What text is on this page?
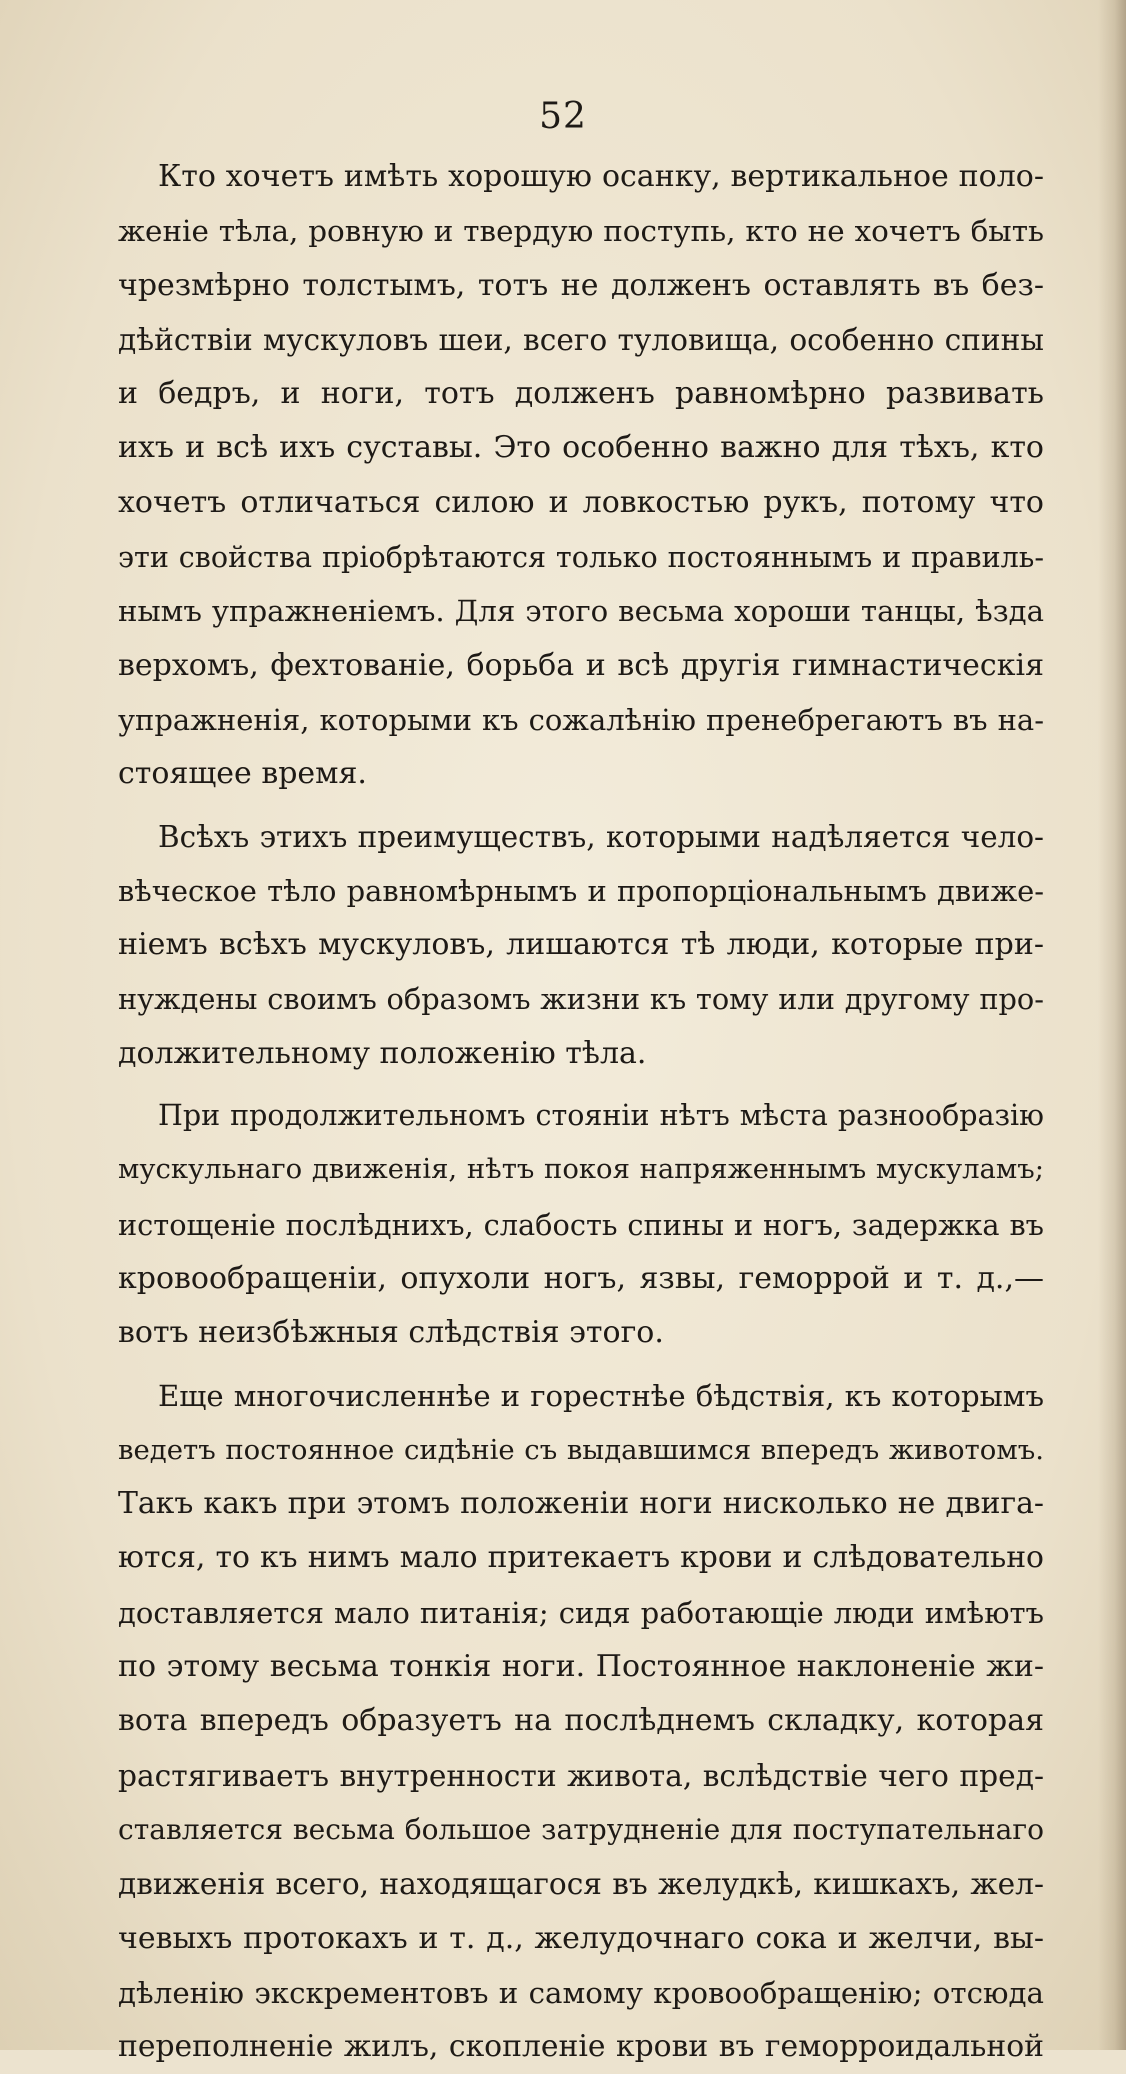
52
Кто хочетъ имѣть хорошую осанку, вертикальное поло-
женіе тѣла, ровную и твердую поступь, кто не хочетъ быть
чрезмѣрно толстымъ, тотъ не долженъ оставлять въ без-
дѣйствіи мускуловъ шеи, всего туловища, особенно спины
и бедръ, и ноги, тотъ долженъ равномѣрно развивать
ихъ и всѣ ихъ суставы. Это особенно важно для тѣхъ, кто
хочетъ отличаться силою и ловкостью рукъ, потому что
эти свойства пріобрѣтаются только постояннымъ и правиль-
нымъ упражненіемъ. Для этого весьма хороши танцы, ѣзда
верхомъ, фехтованіе, борьба и всѣ другія гимнастическія
упражненія, которыми къ сожалѣнію пренебрегаютъ въ на-
стоящее время.
Всѣхъ этихъ преимуществъ, которыми надѣляется чело-
вѣческое тѣло равномѣрнымъ и пропорціональнымъ движе-
ніемъ всѣхъ мускуловъ, лишаются тѣ люди, которые при-
нуждены своимъ образомъ жизни къ тому или другому про-
должительному положенію тѣла.
При продолжительномъ стояніи нѣтъ мѣста разнообразію
мускульнаго движенія, нѣтъ покоя напряженнымъ мускуламъ;
истощеніе послѣднихъ, слабость спины и ногъ, задержка въ
кровообращеніи, опухоли ногъ, язвы, геморрой и т. д.,—
вотъ неизбѣжныя слѣдствія этого.
Еще многочисленнѣе и горестнѣе бѣдствія, къ которымъ
ведетъ постоянное сидѣніе съ выдавшимся впередъ животомъ.
Такъ какъ при этомъ положеніи ноги нисколько не двига-
ются, то къ нимъ мало притекаетъ крови и слѣдовательно
доставляется мало питанія; сидя работающіе люди имѣютъ
по этому весьма тонкія ноги. Постоянное наклоненіе жи-
вота впередъ образуетъ на послѣднемъ складку, которая
растягиваетъ внутренности живота, вслѣдствіе чего пред-
ставляется весьма большое затрудненіе для поступательнаго
движенія всего, находящагося въ желудкѣ, кишкахъ, жел-
чевыхъ протокахъ и т. д., желудочнаго сока и желчи, вы-
дѣленію экскрементовъ и самому кровообращенію; отсюда
переполненіе жилъ, скопленіе крови въ геморроидальной
